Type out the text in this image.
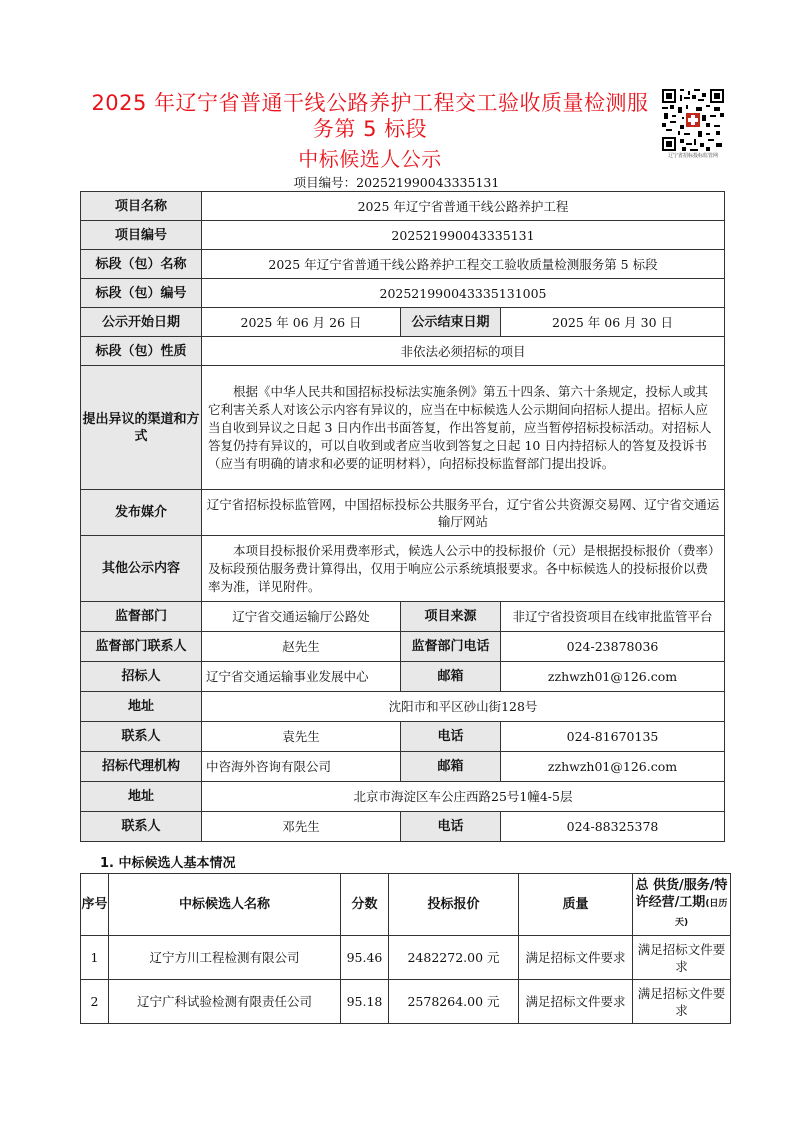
2025 年辽宁省普通干线公路养护工程交工验收质量检测服
务第 5 标段
中标候选人公示
项目编号：202521990043335131
辽宁省招标投标监管网
项目名称	2025 年辽宁省普通干线公路养护工程		
项目编号	202521990043335131		
标段（包）名称	2025 年辽宁省普通干线公路养护工程交工验收质量检测服务第 5 标段		
标段（包）编号	202521990043335131005		
公示开始日期	2025 年 06 月 26 日	公示结束日期	2025 年 06 月 30 日
标段（包）性质	非依法必须招标的项目		
提出异议的渠道和方式	根据《中华人民共和国招标投标法实施条例》第五十四条、第六十条规定，投标人或其它利害关系人对该公示内容有异议的，应当在中标候选人公示期间向招标人提出。招标人应当自收到异议之日起 3 日内作出书面答复，作出答复前，应当暂停招标投标活动。对招标人答复仍持有异议的，可以自收到或者应当收到答复之日起 10 日内持招标人的答复及投诉书（应当有明确的请求和必要的证明材料），向招标投标监督部门提出投诉。		
发布媒介	辽宁省招标投标监管网，中国招标投标公共服务平台，辽宁省公共资源交易网、辽宁省交通运输厅网站		
其他公示内容	本项目投标报价采用费率形式，候选人公示中的投标报价（元）是根据投标报价（费率）及标段预估服务费计算得出，仅用于响应公示系统填报要求。各中标候选人的投标报价以费率为准，详见附件。		
监督部门	辽宁省交通运输厅公路处	项目来源	非辽宁省投资项目在线审批监管平台
监督部门联系人	赵先生	监督部门电话	024-23878036
招标人	辽宁省交通运输事业发展中心	邮箱	zzhwzh01@126.com
地址	沈阳市和平区砂山街128号		
联系人	袁先生	电话	024-81670135
招标代理机构	中咨海外咨询有限公司	邮箱	zzhwzh01@126.com
地址	北京市海淀区车公庄西路25号1幢4-5层		
联系人	邓先生	电话	024-88325378
1. 中标候选人基本情况
序号	中标候选人名称	分数	投标报价	质量	总 供货/服务/特许经营/工期(日历天)
1	辽宁方川工程检测有限公司	95.46	2482272.00 元	满足招标文件要求	满足招标文件要求
2	辽宁广科试验检测有限责任公司	95.18	2578264.00 元	满足招标文件要求	满足招标文件要求
